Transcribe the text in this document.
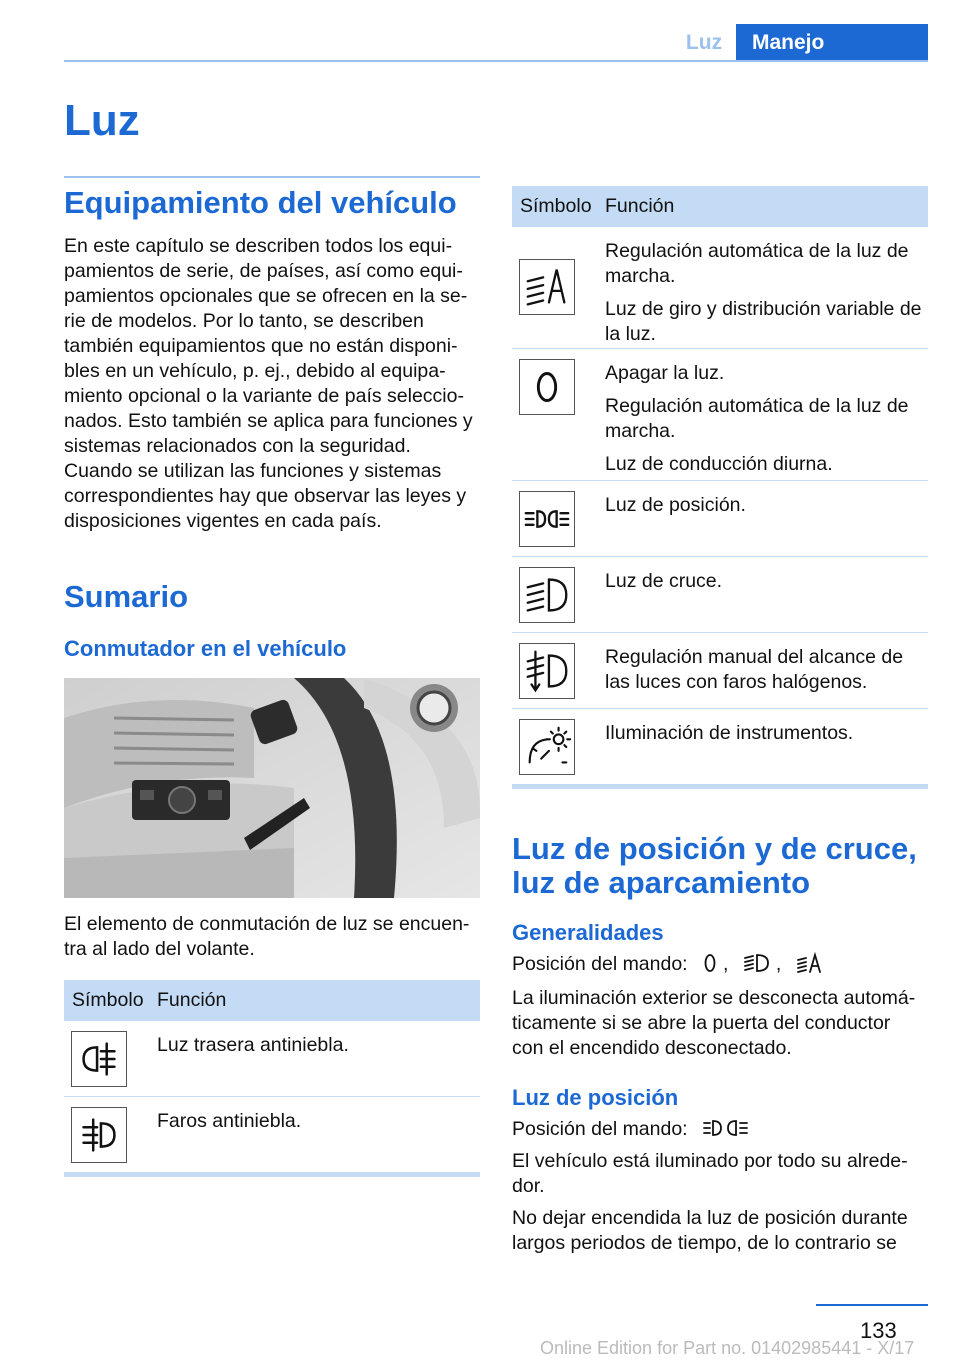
Luz	Manejo
Luz
Equipamiento del vehículo
En este capítulo se describen todos los equi‐
pamientos de serie, de países, así como equi‐
pamientos opcionales que se ofrecen en la se‐
rie de modelos. Por lo tanto, se describen
también equipamientos que no están disponi‐
bles en un vehículo, p. ej., debido al equipa‐
miento opcional o la variante de país seleccio‐
nados. Esto también se aplica para funciones y
sistemas relacionados con la seguridad.
Cuando se utilizan las funciones y sistemas
correspondientes hay que observar las leyes y
disposiciones vigentes en cada país.
Sumario
Conmutador en el vehículo
El elemento de conmutación de luz se encuen‐
tra al lado del volante.
Símbolo Función
Luz trasera antiniebla.
Faros antiniebla.
Símbolo Función
Regulación automática de la luz de marcha.
Luz de giro y distribución variable de la luz.
Apagar la luz.
Regulación automática de la luz de marcha.
Luz de conducción diurna.
Luz de posición.
Luz de cruce.
Regulación manual del alcance de las luces con faros halógenos.
Iluminación de instrumentos.
Luz de posición y de cruce,
luz de aparcamiento
Generalidades
Posición del mando: , ,
La iluminación exterior se desconecta automá‐
ticamente si se abre la puerta del conductor
con el encendido desconectado.
Luz de posición
Posición del mando:
El vehículo está iluminado por todo su alrede‐
dor.
No dejar encendida la luz de posición durante
largos periodos de tiempo, de lo contrario se
133
Online Edition for Part no. 01402985441 - X/17
